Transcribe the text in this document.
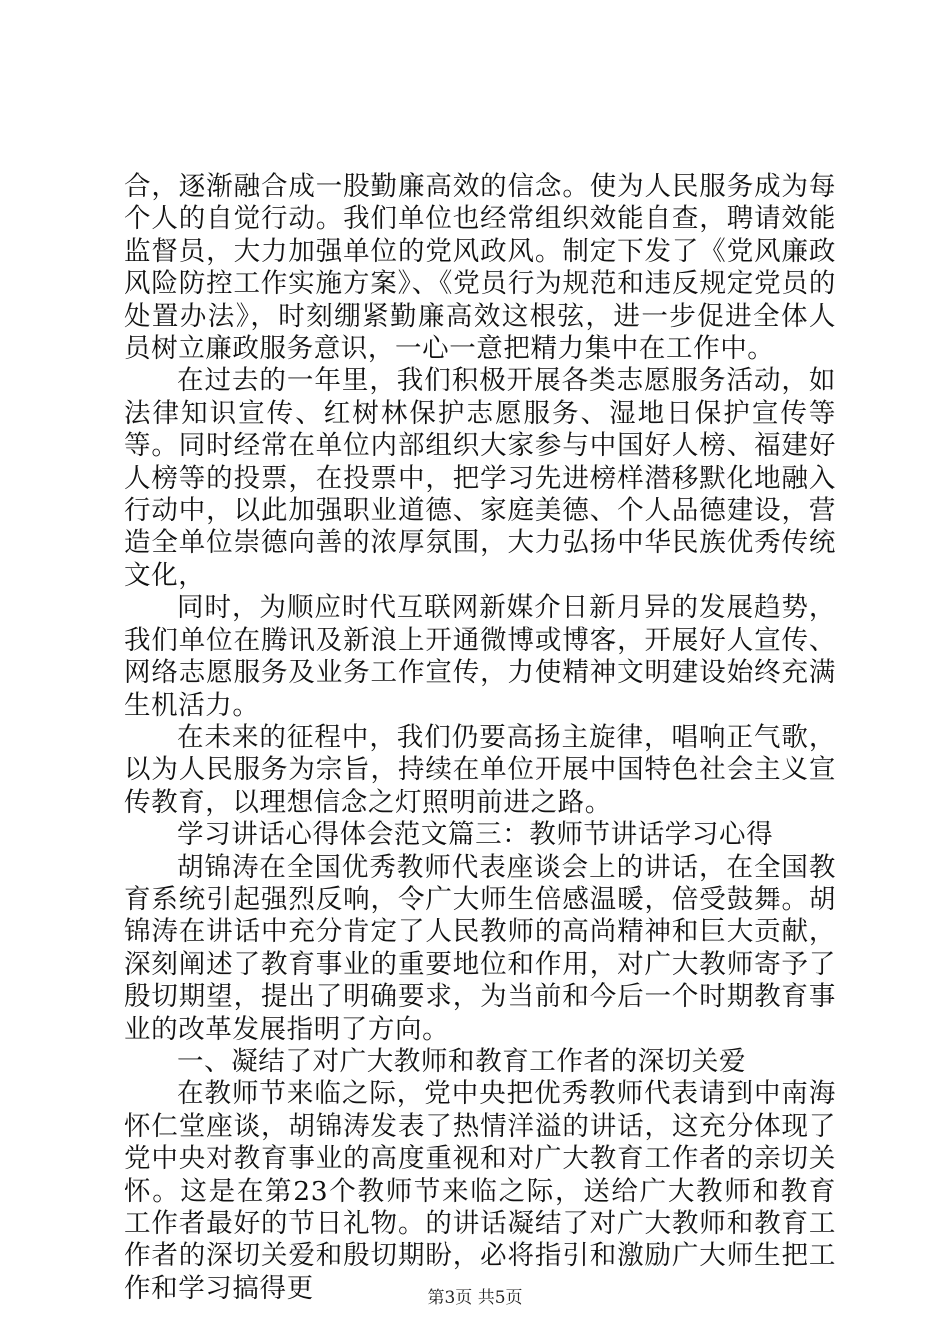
合，逐渐融合成一股勤廉高效的信念。使为人民服务成为每个人的自觉行动。我们单位也经常组织效能自查，聘请效能监督员，大力加强单位的党风政风。制定下发了《党风廉政风险防控工作实施方案》、《党员行为规范和违反规定党员的处置办法》，时刻绷紧勤廉高效这根弦，进一步促进全体人员树立廉政服务意识，一心一意把精力集中在工作中。

在过去的一年里，我们积极开展各类志愿服务活动，如法律知识宣传、红树林保护志愿服务、湿地日保护宣传等等。同时经常在单位内部组织大家参与中国好人榜、福建好人榜等的投票，在投票中，把学习先进榜样潜移默化地融入行动中，以此加强职业道德、家庭美德、个人品德建设，营造全单位崇德向善的浓厚氛围，大力弘扬中华民族优秀传统文化，

同时，为顺应时代互联网新媒介日新月异的发展趋势，我们单位在腾讯及新浪上开通微博或博客，开展好人宣传、网络志愿服务及业务工作宣传，力使精神文明建设始终充满生机活力。

在未来的征程中，我们仍要高扬主旋律，唱响正气歌，以为人民服务为宗旨，持续在单位开展中国特色社会主义宣传教育，以理想信念之灯照明前进之路。

学习讲话心得体会范文篇三：教师节讲话学习心得

胡锦涛在全国优秀教师代表座谈会上的讲话，在全国教育系统引起强烈反响，令广大师生倍感温暖，倍受鼓舞。胡锦涛在讲话中充分肯定了人民教师的高尚精神和巨大贡献，深刻阐述了教育事业的重要地位和作用，对广大教师寄予了殷切期望，提出了明确要求，为当前和今后一个时期教育事业的改革发展指明了方向。

一、凝结了对广大教师和教育工作者的深切关爱

在教师节来临之际，党中央把优秀教师代表请到中南海怀仁堂座谈，胡锦涛发表了热情洋溢的讲话，这充分体现了党中央对教育事业的高度重视和对广大教育工作者的亲切关怀。这是在第23个教师节来临之际，送给广大教师和教育工作者最好的节日礼物。的讲话凝结了对广大教师和教育工作者的深切关爱和殷切期盼，必将指引和激励广大师生把工作和学习搞得更	第3页 共5页
